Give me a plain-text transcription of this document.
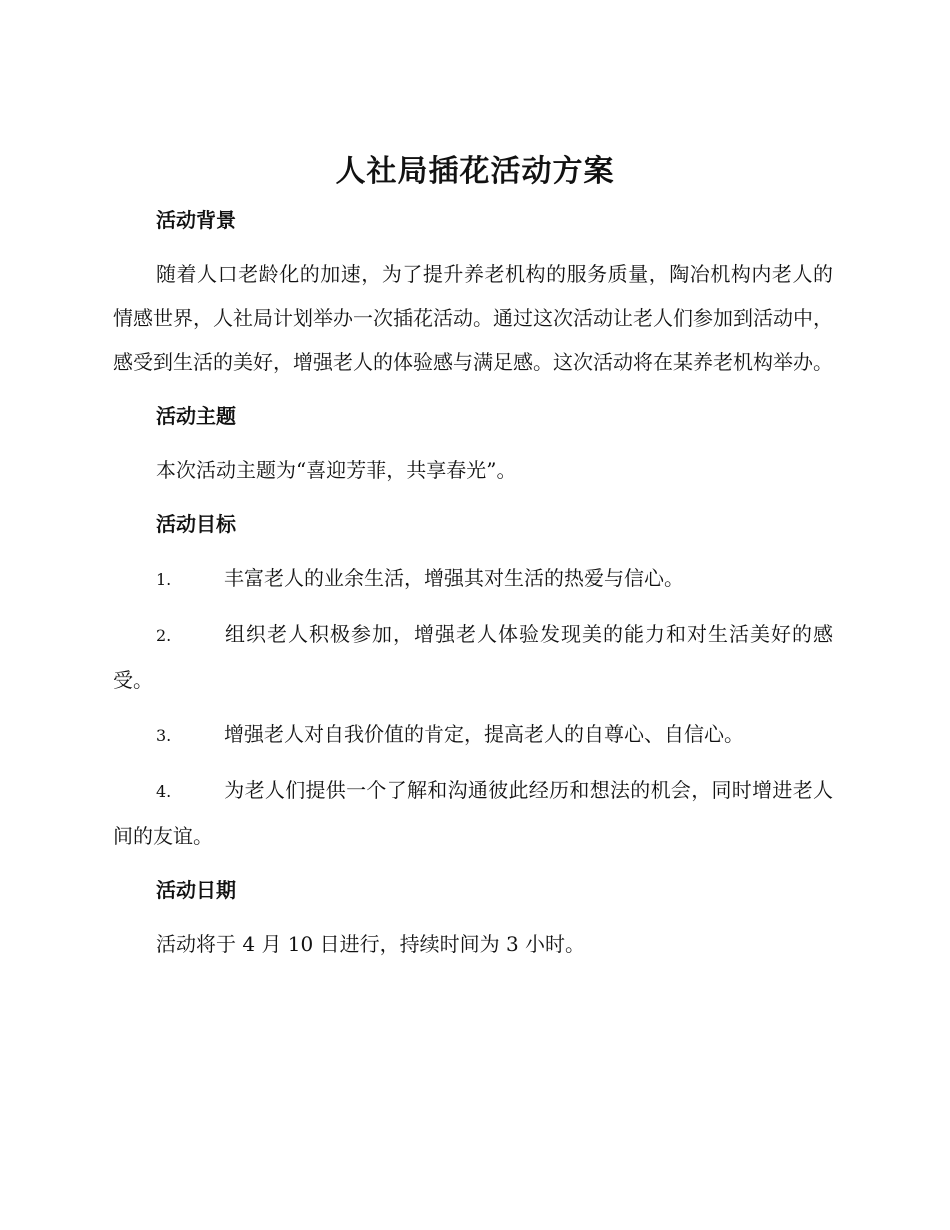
人社局插花活动方案
活动背景

随着人口老龄化的加速，为了提升养老机构的服务质量，陶冶机构内老人的情感世界，人社局计划举办一次插花活动。通过这次活动让老人们参加到活动中，感受到生活的美好，增强老人的体验感与满足感。这次活动将在某养老机构举办。

活动主题

本次活动主题为“喜迎芳菲，共享春光”。

活动目标

1.	丰富老人的业余生活，增强其对生活的热爱与信心。

2.	组织老人积极参加，增强老人体验发现美的能力和对生活美好的感受。

3.	增强老人对自我价值的肯定，提高老人的自尊心、自信心。

4.	为老人们提供一个了解和沟通彼此经历和想法的机会，同时增进老人间的友谊。

活动日期

活动将于 4 月 10 日进行，持续时间为 3 小时。
